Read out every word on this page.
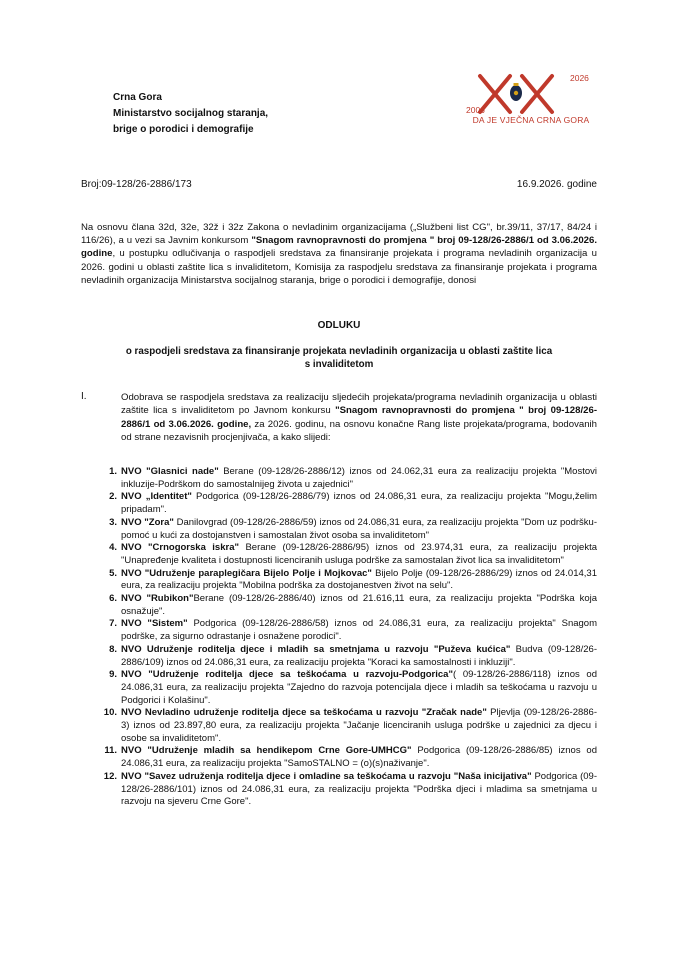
Crna Gora
Ministarstvo socijalnog staranja,
brige o porodici i demografije
2006
2026
DA JE VJEČNA CRNA GORA
Broj:09-128/26-2886/173	16.9.2026. godine
Na osnovu člana 32d, 32e, 32ž i 32z Zakona o nevladinim organizacijama („Službeni list CG", br.39/11, 37/17, 84/24 i 116/26), a u vezi sa Javnim konkursom "Snagom ravnopravnosti do promjena " broj 09-128/26-2886/1 od 3.06.2026. godine, u postupku odlučivanja o raspodjeli sredstava za finansiranje projekata i programa nevladinih organizacija u 2026. godini u oblasti zaštite lica s invaliditetom, Komisija za raspodjelu sredstava za finansiranje projekata i programa nevladinih organizacija Ministarstva socijalnog staranja, brige o porodici i demografije, donosi
ODLUKU
o raspodjeli sredstava za finansiranje projekata nevladinih organizacija u oblasti zaštite lica
s invaliditetom
I.	Odobrava se raspodjela sredstava za realizaciju sljedećih projekata/programa nevladinih organizacija u oblasti zaštite lica s invaliditetom po Javnom konkursu "Snagom ravnopravnosti do promjena " broj 09-128/26-2886/1 od 3.06.2026. godine, za 2026. godinu, na osnovu konačne Rang liste projekata/programa, bodovanih od strane nezavisnih procjenjivača, a kako slijedi:
1. NVO "Glasnici nade" Berane (09-128/26-2886/12) iznos od 24.062,31 eura za realizaciju projekta "Mostovi inkluzije-Podrškom do samostalnijeg života u zajednici"
2. NVO „Identitet" Podgorica (09-128/26-2886/79) iznos od 24.086,31 eura, za realizaciju projekta "Mogu,želim pripadam".
3. NVO "Zora" Danilovgrad (09-128/26-2886/59) iznos od 24.086,31 eura, za realizaciju projekta "Dom uz podršku- pomoć u kući za dostojanstven i samostalan život osoba sa invaliditetom"
4. NVO "Crnogorska iskra" Berane (09-128/26-2886/95) iznos od 23.974,31 eura, za realizaciju projekta "Unapređenje kvaliteta i dostupnosti licenciranih usluga podrške za samostalan život lica sa invaliditetom"
5. NVO "Udruženje paraplegičara Bijelo Polje i Mojkovac" Bijelo Polje (09-128/26-2886/29) iznos od 24.014,31 eura, za realizaciju projekta "Mobilna podrška za dostojanestven život na selu".
6. NVO "Rubikon"Berane (09-128/26-2886/40) iznos od 21.616,11 eura, za realizaciju projekta "Podrška koja osnažuje".
7. NVO "Sistem" Podgorica (09-128/26-2886/58) iznos od 24.086,31 eura, za realizaciju projekta" Snagom podrške, za sigurno odrastanje i osnažene porodici".
8. NVO Udruženje roditelja djece i mladih sa smetnjama u razvoju "Puževa kućica" Budva (09-128/26-2886/109) iznos od 24.086,31 eura, za realizaciju projekta "Koraci ka samostalnosti i inkluziji".
9. NVO "Udruženje roditelja djece sa teškoćama u razvoju-Podgorica"( 09-128/26-2886/118) iznos od 24.086,31 eura, za realizaciju projekta "Zajedno do razvoja potencijala djece i mladih sa teškoćama u razvoju u Podgorici i Kolašinu".
10. NVO Nevladino udruženje roditelja djece sa teškoćama u razvoju "Zračak nade" Pljevlja (09-128/26-2886-3) iznos od 23.897,80 eura, za realizaciju projekta "Jačanje licenciranih usluga podrške u zajednici za djecu i osobe sa invaliditetom".
11. NVO "Udruženje mladih sa hendikepom Crne Gore-UMHCG" Podgorica (09-128/26-2886/85) iznos od 24.086,31 eura, za realizaciju projekta "SamoSTALNO = (o)(s)naživanje".
12. NVO "Savez udruženja roditelja djece i omladine sa teškoćama u razvoju "Naša inicijativa" Podgorica (09-128/26-2886/101) iznos od 24.086,31 eura, za realizaciju projekta "Podrška djeci i mladima sa smetnjama u razvoju na sjeveru Crne Gore".
